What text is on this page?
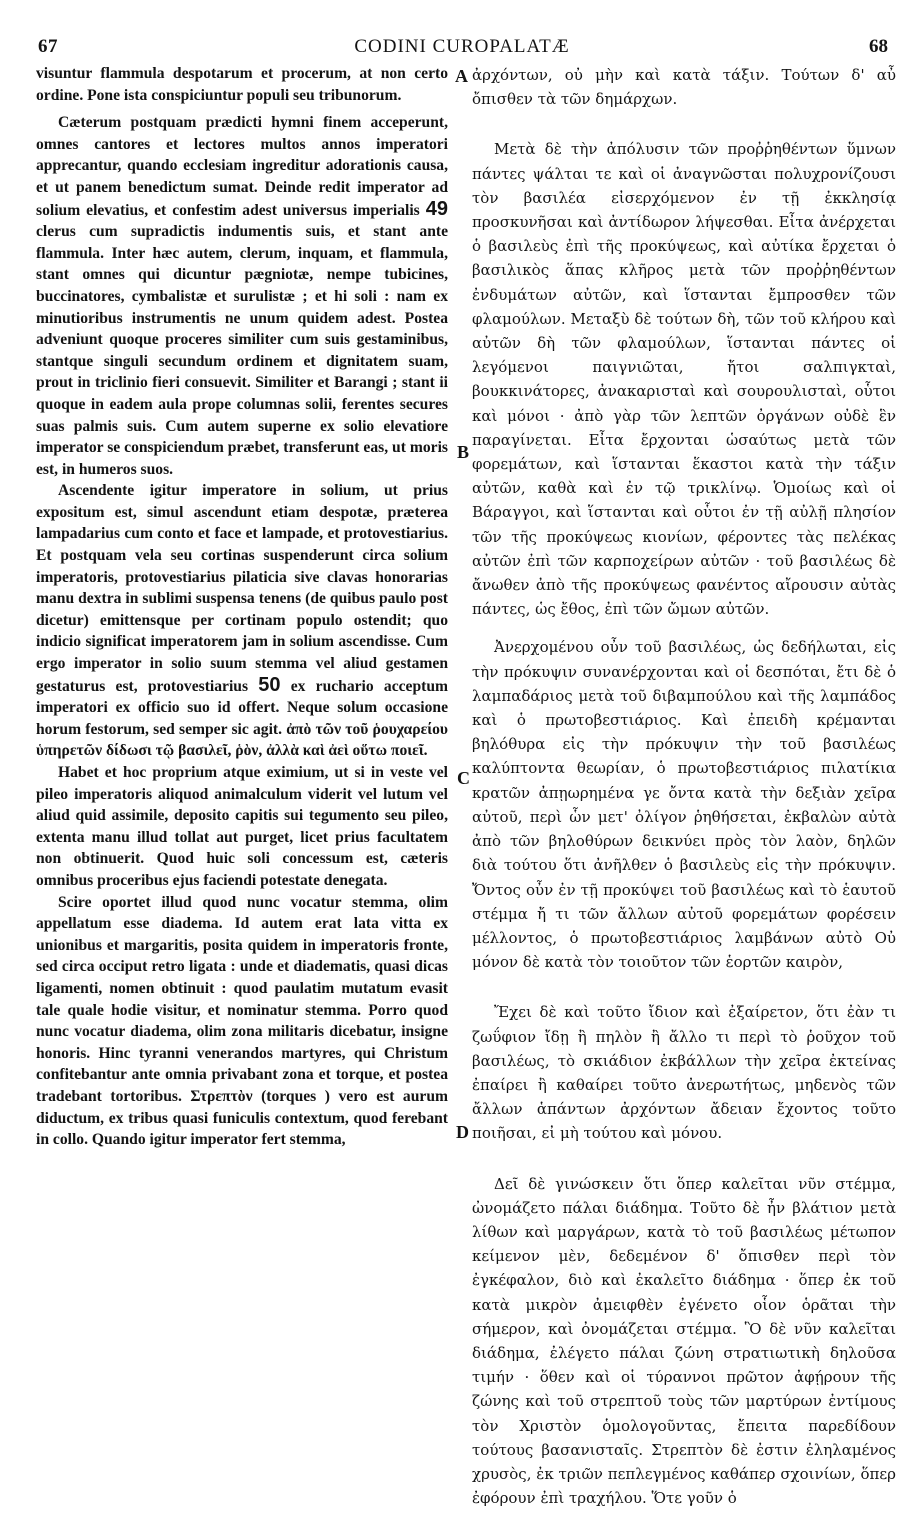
67	CODINI CUROPALATÆ	68

visuntur flammula despotarum et procerum, at non certo ordine. Pone ista conspiciuntur populi seu tribunorum.

Cæterum postquam prædicti hymni finem acceperunt, omnes cantores et lectores multos annos imperatori apprecantur, quando ecclesiam ingreditur adorationis causa, et ut panem benedictum sumat. Deinde redit imperator ad solium elevatius, et confestim adest universus imperialis 49 clerus cum supradictis indumentis suis, et stant ante flammula. Inter hæc autem, clerum, inquam, et flammula, stant omnes qui dicuntur pægniotæ, nempe tubicines, buccinatores, cymbalistæ et surulistæ ; et hi soli : nam ex minutioribus instrumentis ne unum quidem adest. Postea adveniunt quoque proceres similiter cum suis gestaminibus, stantque singuli secundum ordinem et dignitatem suam, prout in triclinio fieri consuevit. Similiter et Barangi ; stant ii quoque in eadem aula prope columnas solii, ferentes secures suas palmis suis. Cum autem superne ex solio elevatiore imperator se conspiciendum præbet, transferunt eas, ut moris est, in humeros suos.

Ascendente igitur imperatore in solium, ut prius expositum est, simul ascendunt etiam despotæ, præterea lampadarius cum conto et face et lampade, et protovestiarius. Et postquam vela seu cortinas suspenderunt circa solium imperatoris, protovestiarius pilaticia sive clavas honorarias manu dextra in sublimi suspensa tenens (de quibus paulo post dicetur) emittensque per cortinam populo ostendit; quo indicio significat imperatorem jam in solium ascendisse. Cum ergo imperator in solio suum stemma vel aliud gestamen gestaturus est, protovestiarius 50 ex ruchario acceptum imperatori ex officio suo id offert. Neque solum occasione horum festorum, sed semper sic agit. ἀπὸ τῶν τοῦ ῥουχαρείου ὑπηρετῶν δίδωσι τῷ βασιλεῖ, ῥὸν, ἀλλὰ καὶ ἀεὶ οὕτω ποιεῖ.

Habet et hoc proprium atque eximium, ut si in veste vel pileo imperatoris aliquod animalculum viderit vel lutum vel aliud quid assimile, deposito capitis sui tegumento seu pileo, extenta manu illud tollat aut purget, licet prius facultatem non obtinuerit. Quod huic soli concessum est, cæteris omnibus proceribus ejus faciendi potestate denegata.

Scire oportet illud quod nunc vocatur stemma, olim appellatum esse diadema. Id autem erat lata vitta ex unionibus et margaritis, posita quidem in imperatoris fronte, sed circa occiput retro ligata : unde et diadematis, quasi dicas ligamenti, nomen obtinuit : quod paulatim mutatum evasit tale quale hodie visitur, et nominatur stemma. Porro quod nunc vocatur diadema, olim zona militaris dicebatur, insigne honoris. Hinc tyranni venerandos martyres, qui Christum confitebantur ante omnia privabant zona et torque, et postea tradebant tortoribus. Στρεπτὸν (torques ) vero est aurum diductum, ex tribus quasi funiculis contextum, quod ferebant in collo. Quando igitur imperator fert stemma,

A
B
C
D

ἀρχόντων, οὐ μὴν καὶ κατὰ τάξιν. Τούτων δ' αὖ ὄπισθεν τὰ τῶν δημάρχων.

Μετὰ δὲ τὴν ἀπόλυσιν τῶν προῤῥηθέντων ὕμνων πάντες ψάλται τε καὶ οἱ ἀναγνῶσται πολυχρονίζουσι τὸν βασιλέα εἰσερχόμενον ἐν τῇ ἐκκλησίᾳ προσκυνῆσαι καὶ ἀντίδωρον λήψεσθαι. Εἶτα ἀνέρχεται ὁ βασιλεὺς ἐπὶ τῆς προκύψεως, καὶ αὐτίκα ἔρχεται ὁ βασιλικὸς ἅπας κλῆρος μετὰ τῶν προῤῥηθέντων ἐνδυμάτων αὐτῶν, καὶ ἵστανται ἔμπροσθεν τῶν φλαμούλων. Μεταξὺ δὲ τούτων δὴ, τῶν τοῦ κλήρου καὶ αὐτῶν δὴ τῶν φλαμούλων, ἵστανται πάντες οἱ λεγόμενοι παιγνιῶται, ἤτοι σαλπιγκταὶ, βουκκινάτορες, ἀνακαρισταὶ καὶ σουρουλισταὶ, οὗτοι καὶ μόνοι · ἀπὸ γὰρ τῶν λεπτῶν ὀργάνων οὐδὲ ἓν παραγίνεται. Εἶτα ἔρχονται ὡσαύτως μετὰ τῶν φορεμάτων, καὶ ἵστανται ἕκαστοι κατὰ τὴν τάξιν αὐτῶν, καθὰ καὶ ἐν τῷ τρικλίνῳ. Ὁμοίως καὶ οἱ Βάραγγοι, καὶ ἵστανται καὶ οὗτοι ἐν τῇ αὐλῇ πλησίον τῶν τῆς προκύψεως κιονίων, φέροντες τὰς πελέκας αὐτῶν ἐπὶ τῶν καρποχείρων αὐτῶν · τοῦ βασιλέως δὲ ἄνωθεν ἀπὸ τῆς προκύψεως φανέντος αἴρουσιν αὐτὰς πάντες, ὡς ἔθος, ἐπὶ τῶν ὤμων αὐτῶν.

Ἀνερχομένου οὖν τοῦ βασιλέως, ὡς δεδήλωται, εἰς τὴν πρόκυψιν συνανέρχονται καὶ οἱ δεσπόται, ἔτι δὲ ὁ λαμπαδάριος μετὰ τοῦ διβαμπούλου καὶ τῆς λαμπάδος καὶ ὁ πρωτοβεστιάριος. Καὶ ἐπειδὴ κρέμανται βηλόθυρα εἰς τὴν πρόκυψιν τὴν τοῦ βασιλέως καλύπτοντα θεωρίαν, ὁ πρωτοβεστιάριος πιλατίκια κρατῶν ἀπῃωρημένα γε ὄντα κατὰ τὴν δεξιὰν χεῖρα αὐτοῦ, περὶ ὧν μετ' ὀλίγον ῥηθήσεται, ἐκβαλὼν αὐτὰ ἀπὸ τῶν βηλοθύρων δεικνύει πρὸς τὸν λαὸν, δηλῶν διὰ τούτου ὅτι ἀνῆλθεν ὁ βασιλεὺς εἰς τὴν πρόκυψιν. Ὄντος οὖν ἐν τῇ προκύψει τοῦ βασιλέως καὶ τὸ ἑαυτοῦ στέμμα ἤ τι τῶν ἄλλων αὐτοῦ φορεμάτων φορέσειν μέλλοντος, ὁ πρωτοβεστιάριος λαμβάνων αὐτὸ Οὐ μόνον δὲ κατὰ τὸν τοιοῦτον τῶν ἑορτῶν καιρὸν,

Ἔχει δὲ καὶ τοῦτο ἴδιον καὶ ἐξαίρετον, ὅτι ἐὰν τι ζωΰφιον ἴδῃ ἢ πηλὸν ἢ ἄλλο τι περὶ τὸ ῥοῦχον τοῦ βασιλέως, τὸ σκιάδιον ἐκβάλλων τὴν χεῖρα ἐκτείνας ἐπαίρει ἢ καθαίρει τοῦτο ἀνερωτήτως, μηδενὸς τῶν ἄλλων ἁπάντων ἀρχόντων ἄδειαν ἔχοντος τοῦτο ποιῆσαι, εἰ μὴ τούτου καὶ μόνου.

Δεῖ δὲ γινώσκειν ὅτι ὅπερ καλεῖται νῦν στέμμα, ὠνομάζετο πάλαι διάδημα. Τοῦτο δὲ ἦν βλάτιον μετὰ λίθων καὶ μαργάρων, κατὰ τὸ τοῦ βασιλέως μέτωπον κείμενον μὲν, δεδεμένον δ' ὄπισθεν περὶ τὸν ἐγκέφαλον, διὸ καὶ ἐκαλεῖτο διάδημα · ὅπερ ἐκ τοῦ κατὰ μικρὸν ἀμειφθὲν ἐγένετο οἷον ὁρᾶται τὴν σήμερον, καὶ ὀνομάζεται στέμμα. Ὃ δὲ νῦν καλεῖται διάδημα, ἐλέγετο πάλαι ζώνη στρατιωτικὴ δηλοῦσα τιμήν · ὅθεν καὶ οἱ τύραννοι πρῶτον ἀφῄρουν τῆς ζώνης καὶ τοῦ στρεπτοῦ τοὺς τῶν μαρτύρων ἐντίμους τὸν Χριστὸν ὁμολογοῦντας, ἔπειτα παρεδίδουν τούτους βασανισταῖς. Στρεπτὸν δὲ ἐστιν ἐληλαμένος χρυσὸς, ἐκ τριῶν πεπλεγμένος καθάπερ σχοινίων, ὅπερ ἐφόρουν ἐπὶ τραχήλου. Ὅτε γοῦν ὁ
